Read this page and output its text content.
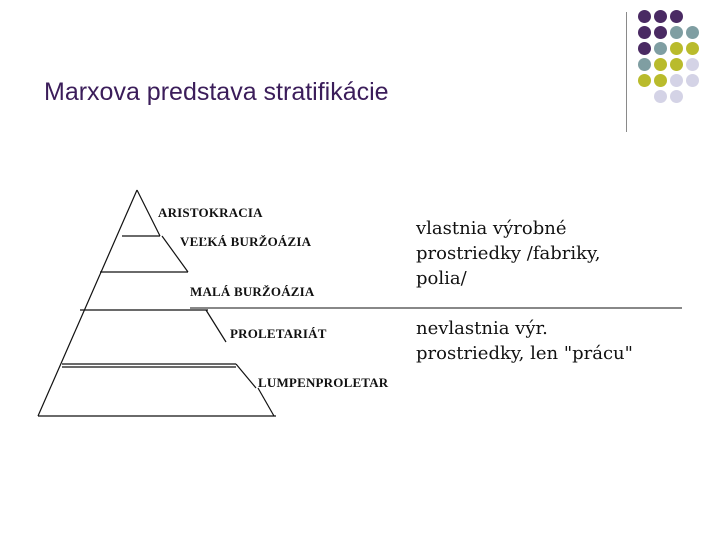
Marxova predstava stratifikácie
ARISTOKRACIA
VEĽKÁ BURŽOÁZIA
MALÁ BURŽOÁZIA
PROLETARIÁT
LUMPENPROLETAR
vlastnia výrobné
prostriedky /fabriky,
polia/
nevlastnia výr.
prostriedky, len "prácu"
